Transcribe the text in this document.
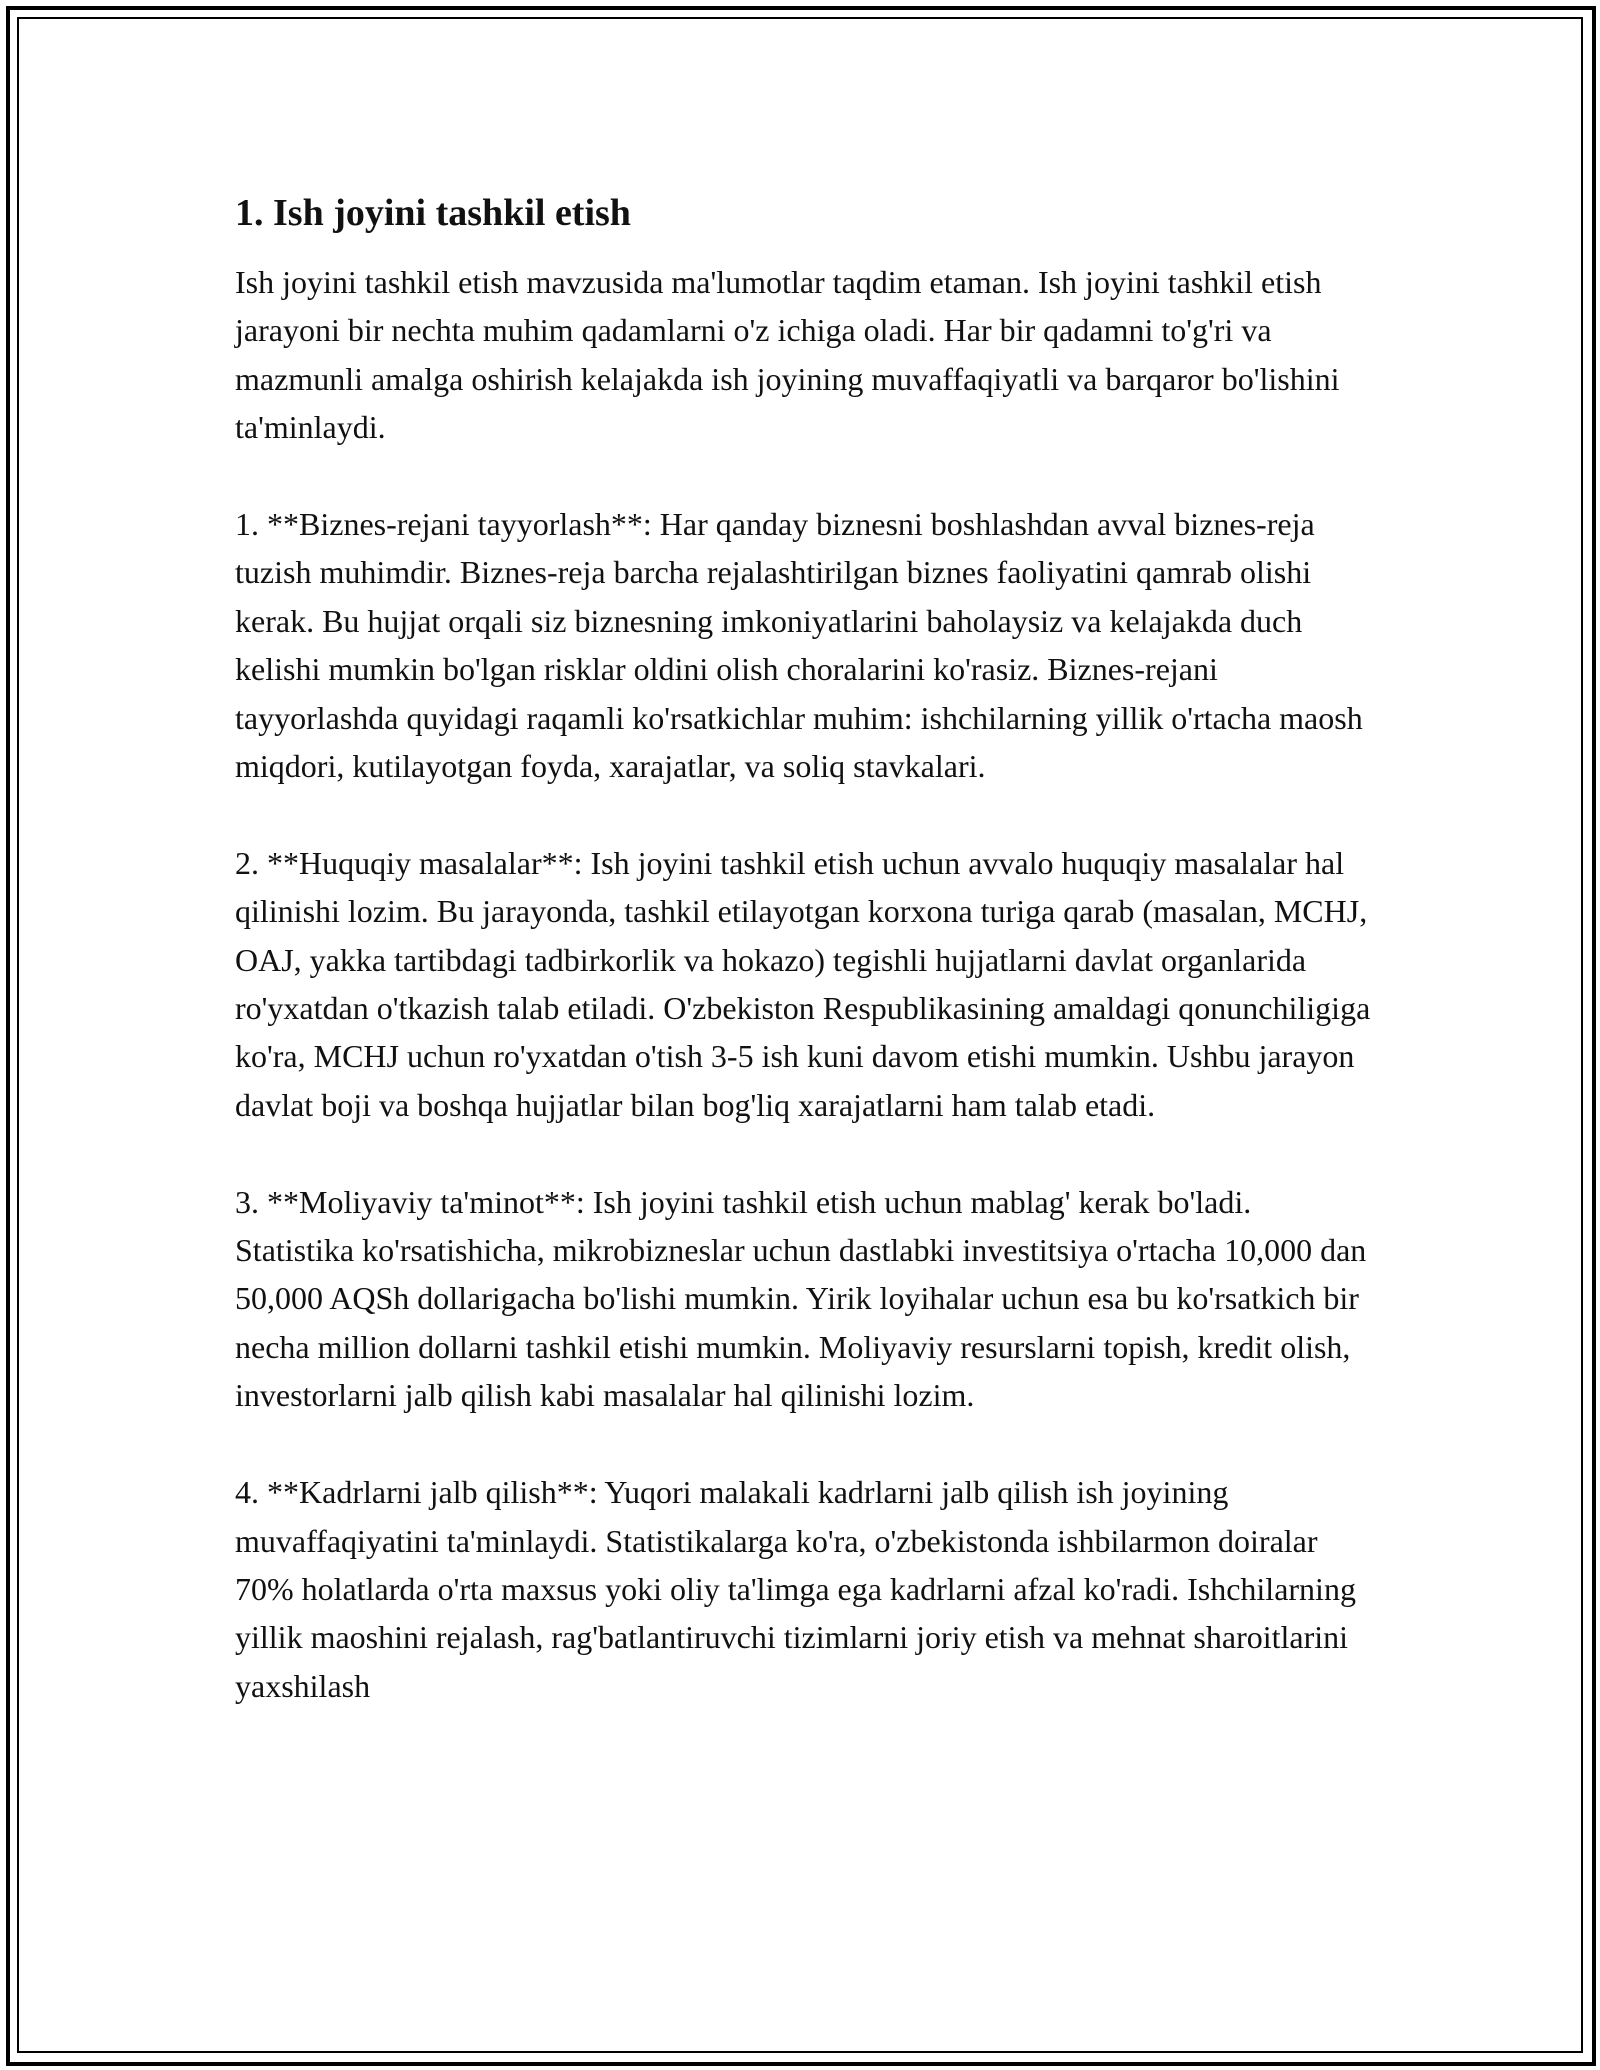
1. Ish joyini tashkil etish

Ish joyini tashkil etish mavzusida ma'lumotlar taqdim etaman. Ish joyini tashkil etish jarayoni bir nechta muhim qadamlarni o'z ichiga oladi. Har bir qadamni to'g'ri va mazmunli amalga oshirish kelajakda ish joyining muvaffaqiyatli va barqaror bo'lishini ta'minlaydi.

1. **Biznes-rejani tayyorlash**: Har qanday biznesni boshlashdan avval biznes-reja tuzish muhimdir. Biznes-reja barcha rejalashtirilgan biznes faoliyatini qamrab olishi kerak. Bu hujjat orqali siz biznesning imkoniyatlarini baholaysiz va kelajakda duch kelishi mumkin bo'lgan risklar oldini olish choralarini ko'rasiz. Biznes-rejani tayyorlashda quyidagi raqamli ko'rsatkichlar muhim: ishchilarning yillik o'rtacha maosh miqdori, kutilayotgan foyda, xarajatlar, va soliq stavkalari.

2. **Huquqiy masalalar**: Ish joyini tashkil etish uchun avvalo huquqiy masalalar hal qilinishi lozim. Bu jarayonda, tashkil etilayotgan korxona turiga qarab (masalan, MCHJ, OAJ, yakka tartibdagi tadbirkorlik va hokazo) tegishli hujjatlarni davlat organlarida ro'yxatdan o'tkazish talab etiladi. O'zbekiston Respublikasining amaldagi qonunchiligiga ko'ra, MCHJ uchun ro'yxatdan o'tish 3-5 ish kuni davom etishi mumkin. Ushbu jarayon davlat boji va boshqa hujjatlar bilan bog'liq xarajatlarni ham talab etadi.

3. **Moliyaviy ta'minot**: Ish joyini tashkil etish uchun mablag' kerak bo'ladi. Statistika ko'rsatishicha, mikrobiznеslar uchun dastlabki investitsiya o'rtacha 10,000 dan 50,000 AQSh dollarigacha bo'lishi mumkin. Yirik loyihalar uchun esa bu ko'rsatkich bir necha million dollarni tashkil etishi mumkin. Moliyaviy resurslarni topish, kredit olish, investorlarni jalb qilish kabi masalalar hal qilinishi lozim.

4. **Kadrlarni jalb qilish**: Yuqori malakali kadrlarni jalb qilish ish joyining muvaffaqiyatini ta'minlaydi. Statistikalarga ko'ra, o'zbekistonda ishbilarmon doiralar 70% holatlarda o'rta maxsus yoki oliy ta'limga ega kadrlarni afzal ko'radi. Ishchilarning yillik maoshini rejalash, rag'batlantiruvchi tizimlarni joriy etish va mehnat sharoitlarini yaxshilash
